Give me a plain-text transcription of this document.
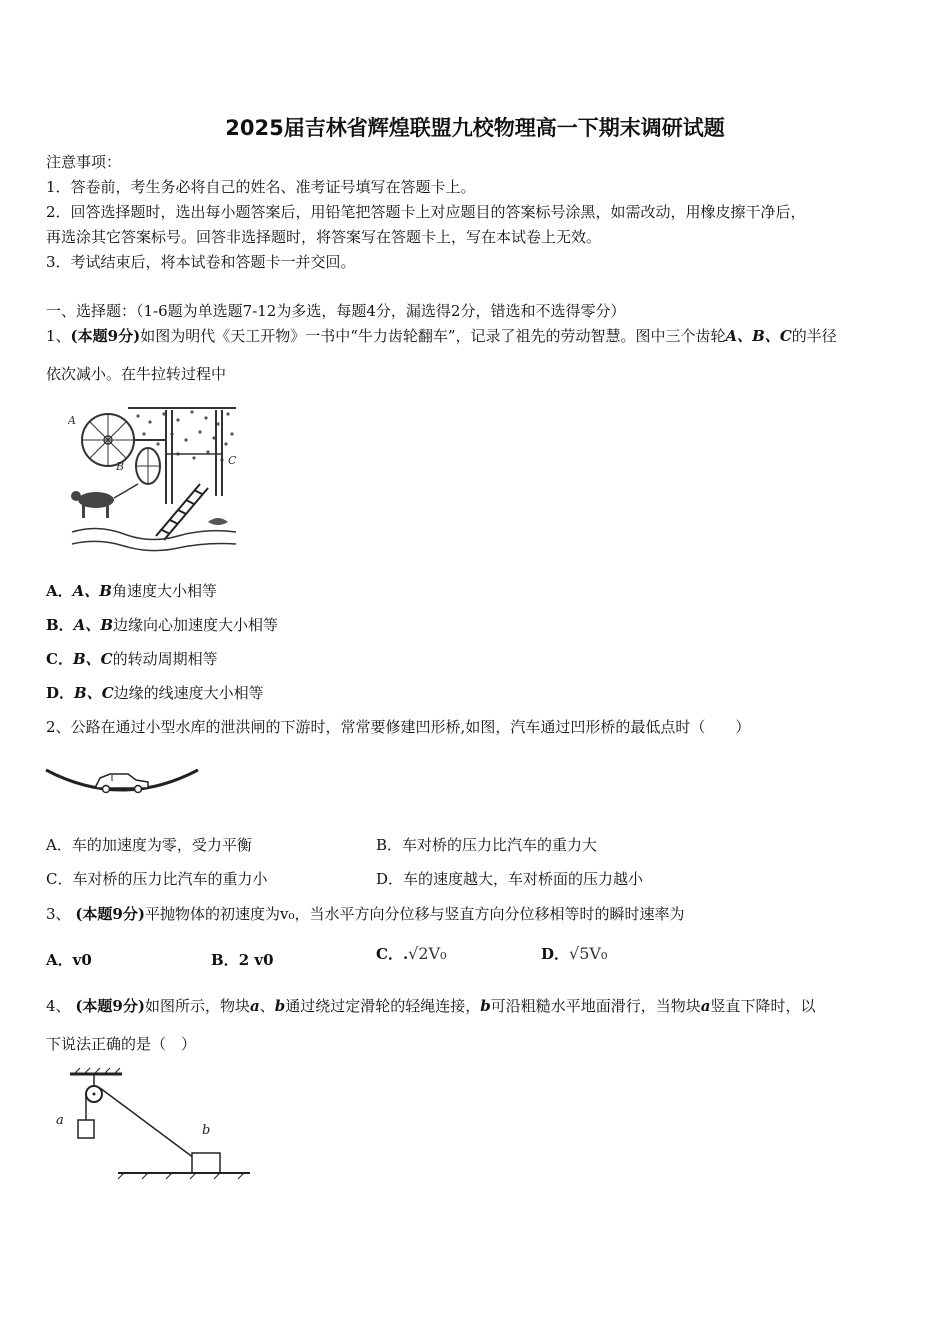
2025届吉林省辉煌联盟九校物理高一下期末调研试题
注意事项：
1．答卷前，考生务必将自己的姓名、准考证号填写在答题卡上。
2．回答选择题时，选出每小题答案后，用铅笔把答题卡上对应题目的答案标号涂黑，如需改动，用橡皮擦干净后，
再选涂其它答案标号。回答非选择题时，将答案写在答题卡上，写在本试卷上无效。
3．考试结束后，将本试卷和答题卡一并交回。
一、选择题：（1-6题为单选题7-12为多选，每题4分，漏选得2分，错选和不选得零分）
1、(本题9分)如图为明代《天工开物》一书中“牛力齿轮翻车”，记录了祖先的劳动智慧。图中三个齿轮A、B、C的半径
依次减小。在牛拉转过程中
A
B	C
A．A、B角速度大小相等
B．A、B边缘向心加速度大小相等
C．B、C的转动周期相等
D．B、C边缘的线速度大小相等
2、公路在通过小型水库的泄洪闸的下游时，常常要修建凹形桥,如图，汽车通过凹形桥的最低点时（　　）
A．车的加速度为零，受力平衡	B．车对桥的压力比汽车的重力大
C．车对桥的压力比汽车的重力小	D．车的速度越大，车对桥面的压力越小
3、 (本题9分)平抛物体的初速度为v₀，当水平方向分位移与竖直方向分位移相等时的瞬时速率为
A．v0	B．2 v0	C．.√2V₀	D．√5V₀
4、 (本题9分)如图所示，物块a、b通过绕过定滑轮的轻绳连接，b可沿粗糙水平地面滑行，当物块a竖直下降时，以
下说法正确的是（　）
a
b
